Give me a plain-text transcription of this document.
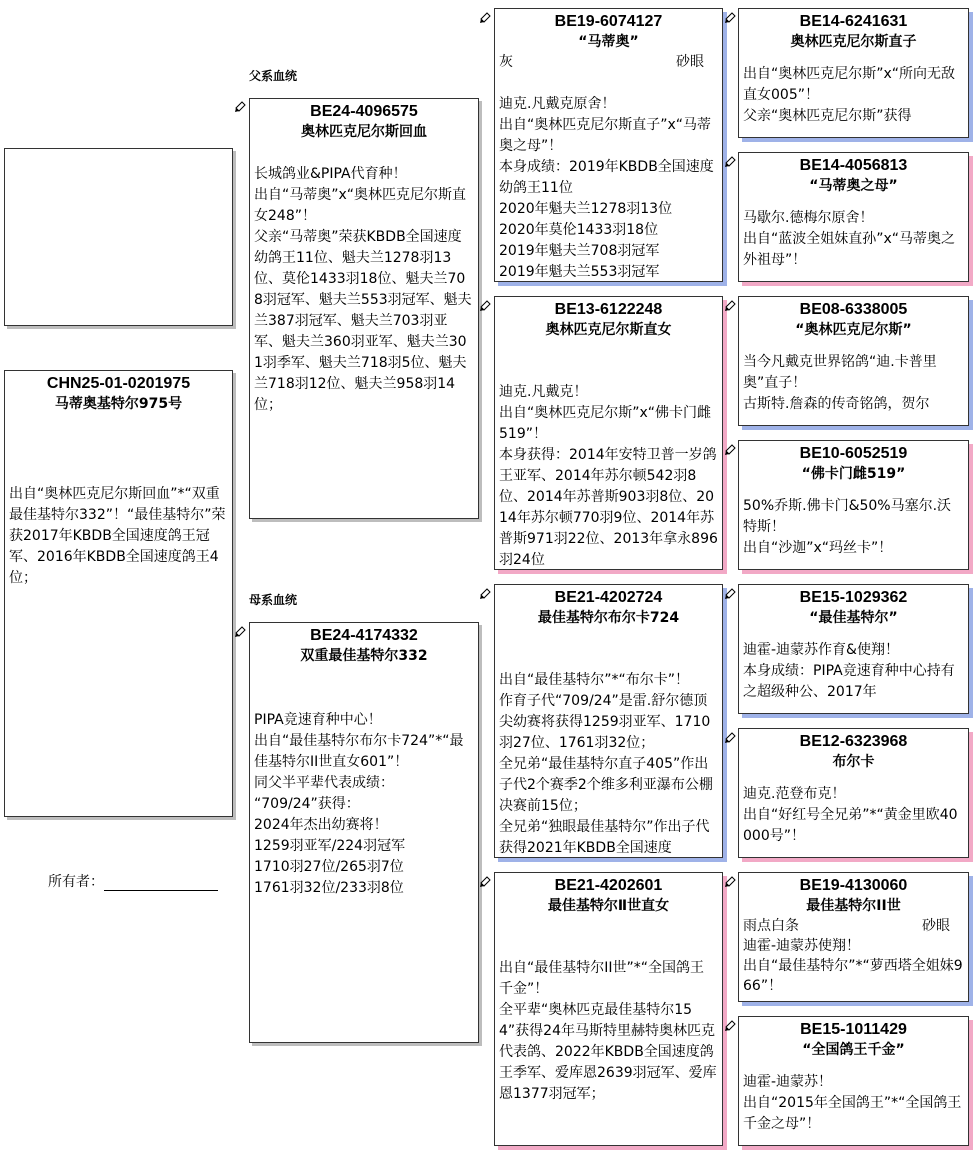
父系血统
母系血统
CHN25-01-0201975
马蒂奥基特尔975号
出自“奥林匹克尼尔斯回血”*“双重最佳基特尔332”！“最佳基特尔”荣获2017年KBDB全国速度鸽王冠军、2016年KBDB全国速度鸽王4位；
所有者：
BE24-4096575
奥林匹克尼尔斯回血
长城鸽业&PIPA代育种！
出自“马蒂奥”x“奥林匹克尼尔斯直女248”！
父亲“马蒂奥”荣获KBDB全国速度幼鸽王11位、魁夫兰1278羽13位、莫伦1433羽18位、魁夫兰708羽冠军、魁夫兰553羽冠军、魁夫兰387羽冠军、魁夫兰703羽亚军、魁夫兰360羽亚军、魁夫兰301羽季军、魁夫兰718羽5位、魁夫兰718羽12位、魁夫兰958羽14位；
BE24-4174332
双重最佳基特尔332
PIPA竞速育种中心！
出自“最佳基特尔布尔卡724”*“最佳基特尔II世直女601”！
同父半平辈代表成绩：
“709/24”获得：
2024年杰出幼赛将！
1259羽亚军/224羽冠军
1710羽27位/265羽7位
1761羽32位/233羽8位
BE19-6074127
“马蒂奥”
灰	砂眼
迪克.凡戴克原舍！
出自“奥林匹克尼尔斯直子”x“马蒂奥之母”！
本身成绩：2019年KBDB全国速度幼鸽王11位
2020年魁夫兰1278羽13位
2020年莫伦1433羽18位
2019年魁夫兰708羽冠军
2019年魁夫兰553羽冠军
BE13-6122248
奥林匹克尼尔斯直女
迪克.凡戴克！
出自“奥林匹克尼尔斯”x“佛卡门雌519”！
本身获得：2014年安特卫普一岁鸽王亚军、2014年苏尔顿542羽8位、2014年苏普斯903羽8位、2014年苏尔顿770羽9位、2014年苏普斯971羽22位、2013年拿永896羽24位
BE21-4202724
最佳基特尔布尔卡724
出自“最佳基特尔”*“布尔卡”！
作育子代“709/24”是雷.舒尔德顶尖幼赛将获得1259羽亚军、1710羽27位、1761羽32位；
全兄弟“最佳基特尔直子405”作出子代2个赛季2个维多利亚瀑布公棚决赛前15位；
全兄弟“独眼最佳基特尔”作出子代获得2021年KBDB全国速度
BE21-4202601
最佳基特尔Ⅱ世直女
出自“最佳基特尔II世”*“全国鸽王千金”！
全平辈“奥林匹克最佳基特尔154”获得24年马斯特里赫特奥林匹克代表鸽、2022年KBDB全国速度鸽王季军、爱库恩2639羽冠军、爱库恩1377羽冠军；
BE14-6241631
奥林匹克尼尔斯直子
出自“奥林匹克尼尔斯”x“所向无敌直女005”！
父亲“奥林匹克尼尔斯”获得
BE14-4056813
“马蒂奥之母”
马歇尔.德梅尔原舍！
出自“蓝波全姐妹直孙”x“马蒂奥之外祖母”！
BE08-6338005
“奥林匹克尼尔斯”
当今凡戴克世界铭鸽“迪.卡普里奥”直子！
古斯特.詹森的传奇铭鸽，贺尔
BE10-6052519
“佛卡门雌519”
50%乔斯.佛卡门&50%马塞尔.沃特斯！
出自“沙迦”x“玛丝卡”！
BE15-1029362
“最佳基特尔”
迪霍-迪蒙苏作育&使翔！
本身成绩：PIPA竞速育种中心持有之超级种公、2017年
BE12-6323968
布尔卡
迪克.范登布克！
出自“好红号全兄弟”*“黄金里欧40000号”！
BE19-4130060
最佳基特尔II世
雨点白条	砂眼
迪霍-迪蒙苏使翔！
出自“最佳基特尔”*“萝西塔全姐妹966”！
BE15-1011429
“全国鸽王千金”
迪霍-迪蒙苏！
出自“2015年全国鸽王”*“全国鸽王千金之母”！
